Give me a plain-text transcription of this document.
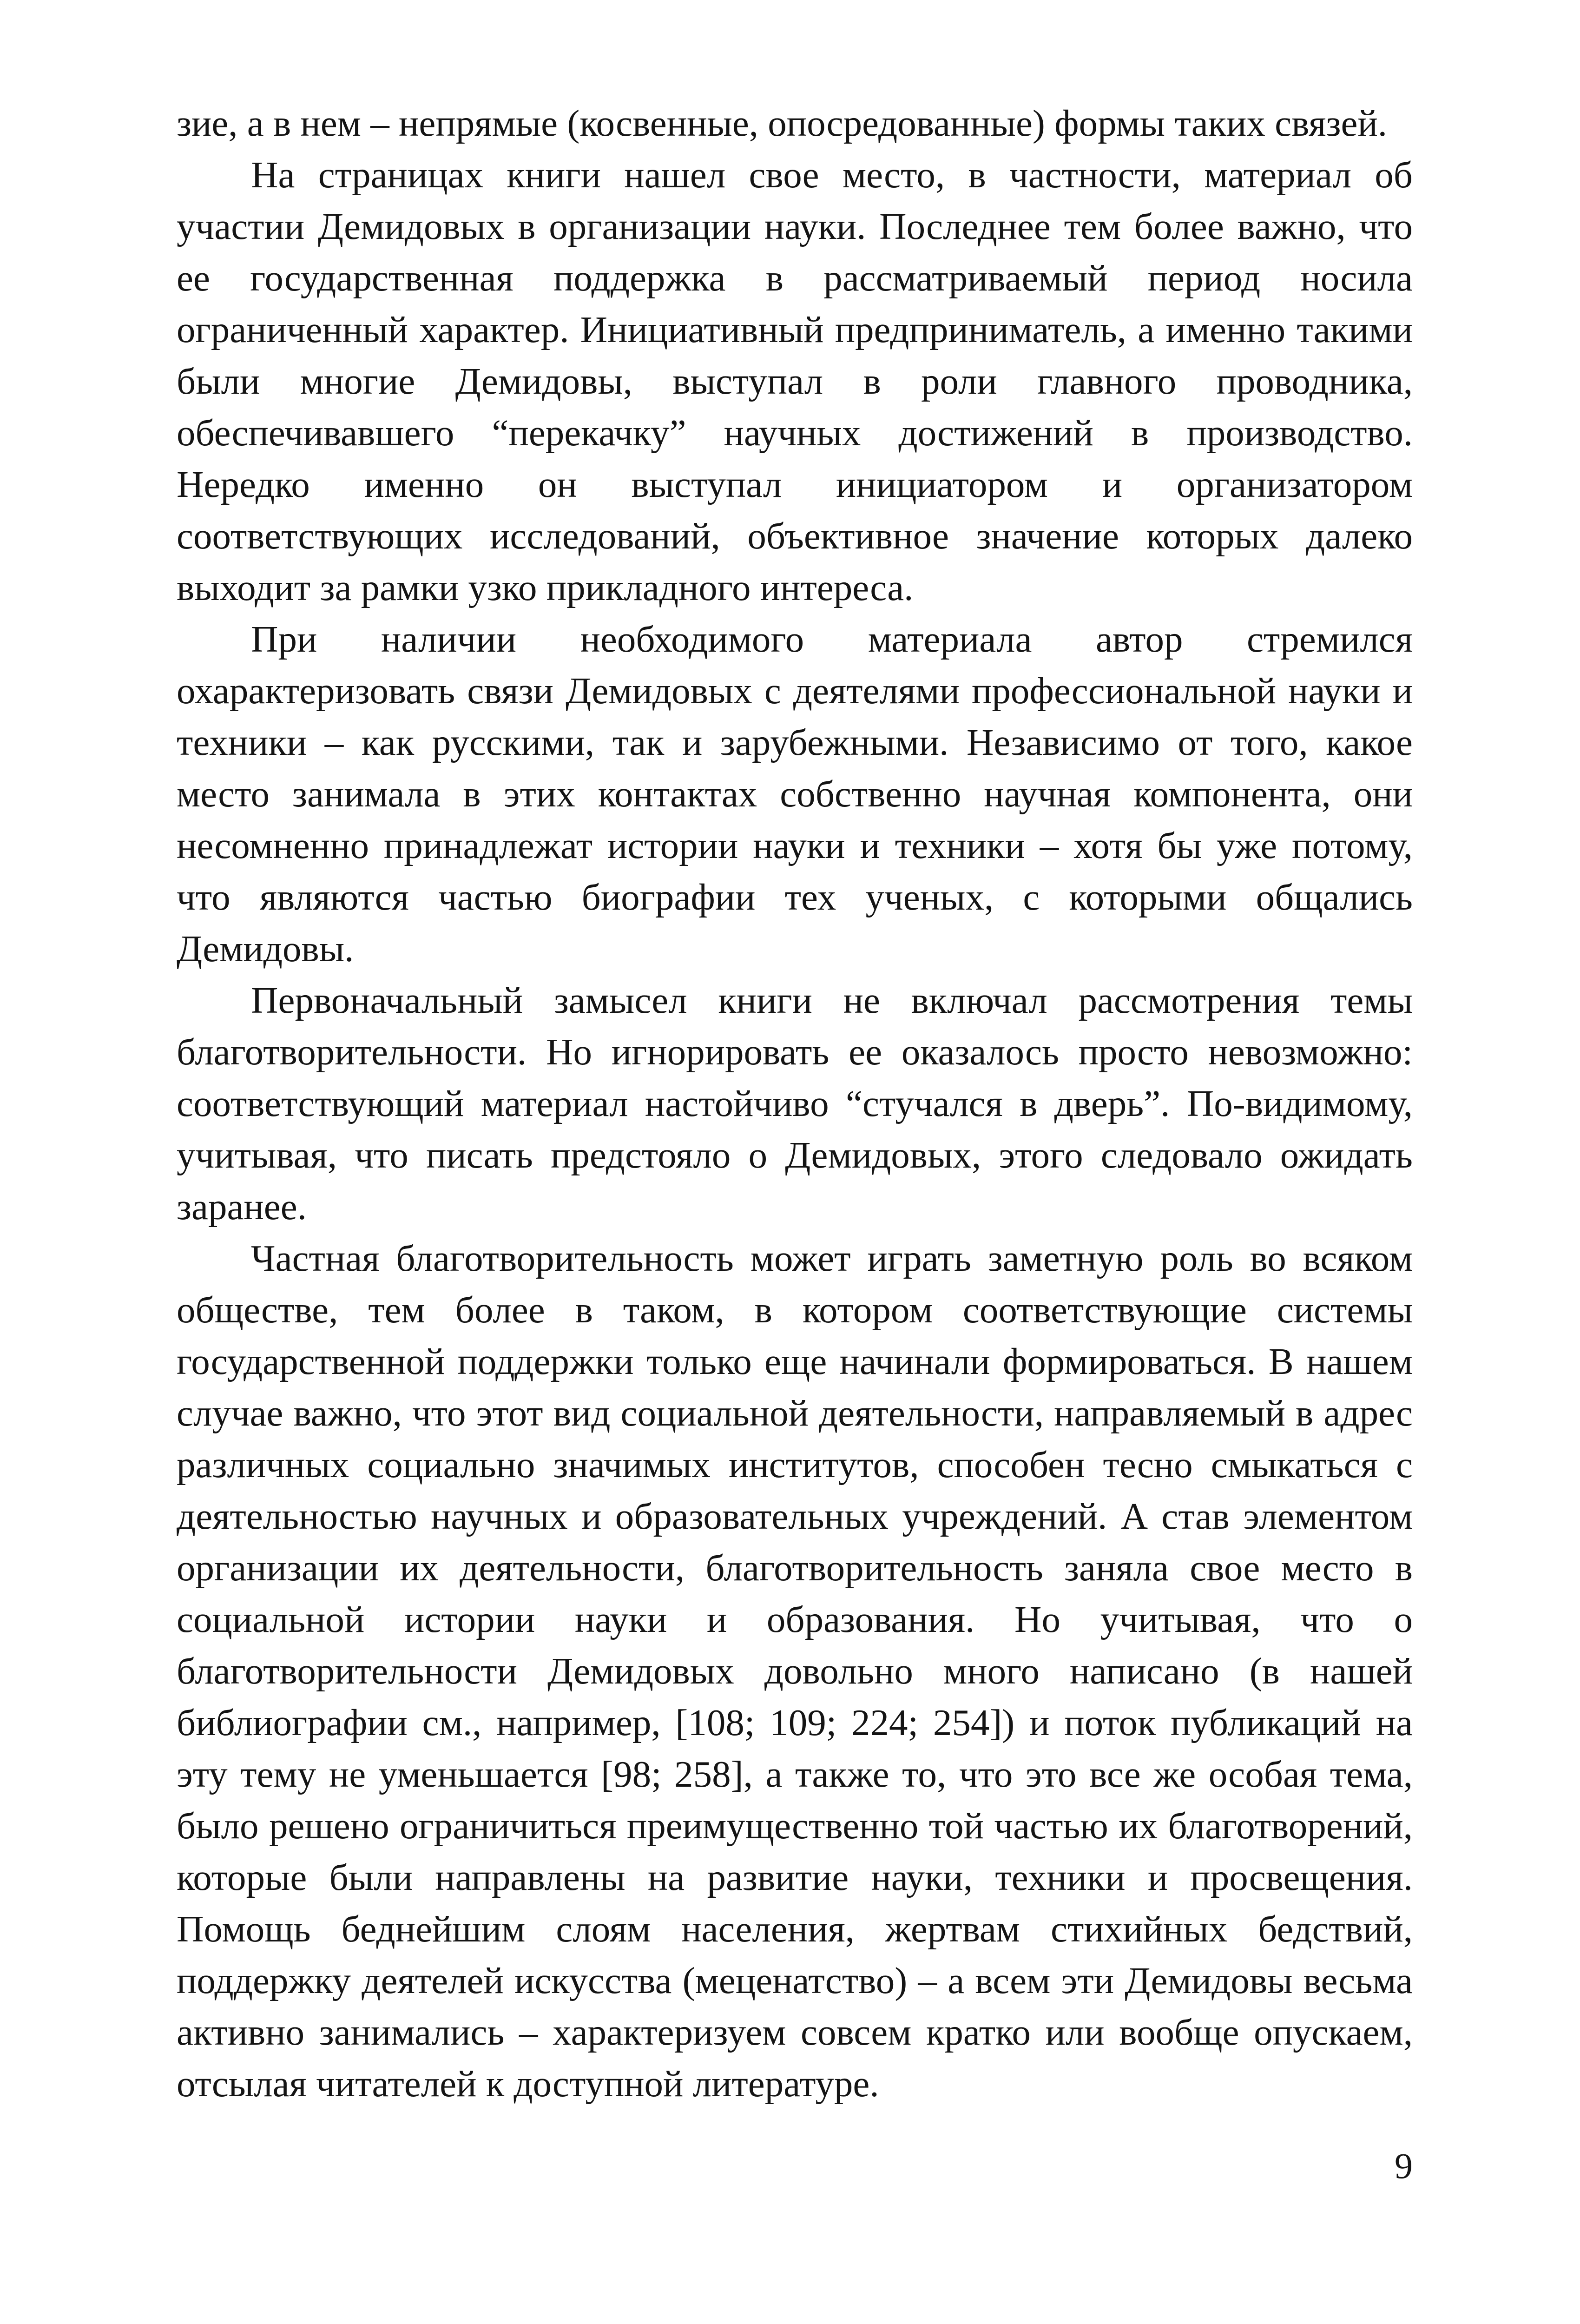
зие, а в нем – непрямые (косвенные, опосредованные) формы таких связей.

На страницах книги нашел свое место, в частности, материал об участии Демидовых в организации науки. Последнее тем более важно, что ее государственная поддержка в рассматриваемый период носила ограниченный характер. Инициативный предприниматель, а именно такими были многие Демидовы, выступал в роли главного проводника, обеспечивавшего “перекачку” научных достижений в производство. Нередко именно он выступал инициатором и организатором соответствующих исследований, объективное значение которых далеко выходит за рамки узко прикладного интереса.

При наличии необходимого материала автор стремился охарактеризовать связи Демидовых с деятелями профессиональной науки и техники – как русскими, так и зарубежными. Независимо от того, какое место занимала в этих контактах собственно научная компонента, они несомненно принадлежат истории науки и техники – хотя бы уже потому, что являются частью биографии тех ученых, с которыми общались Демидовы.

Первоначальный замысел книги не включал рассмотрения темы благотворительности. Но игнорировать ее оказалось просто невозможно: соответствующий материал настойчиво “стучался в дверь”. По-видимому, учитывая, что писать предстояло о Демидовых, этого следовало ожидать заранее.

Частная благотворительность может играть заметную роль во всяком обществе, тем более в таком, в котором соответствующие системы государственной поддержки только еще начинали формироваться. В нашем случае важно, что этот вид социальной деятельности, направляемый в адрес различных социально значимых институтов, способен тесно смыкаться с деятельностью научных и образовательных учреждений. А став элементом организации их деятельности, благотворительность заняла свое место в социальной истории науки и образования. Но учитывая, что о благотворительности Демидовых довольно много написано (в нашей библиографии см., например, [108; 109; 224; 254]) и поток публикаций на эту тему не уменьшается [98; 258], а также то, что это все же особая тема, было решено ограничиться преимущественно той частью их благотворений, которые были направлены на развитие науки, техники и просвещения. Помощь беднейшим слоям населения, жертвам стихийных бедствий, поддержку деятелей искусства (меценатство) – а всем эти Демидовы весьма активно занимались – характеризуем совсем кратко или вообще опускаем, отсылая читателей к доступной литературе.

9
